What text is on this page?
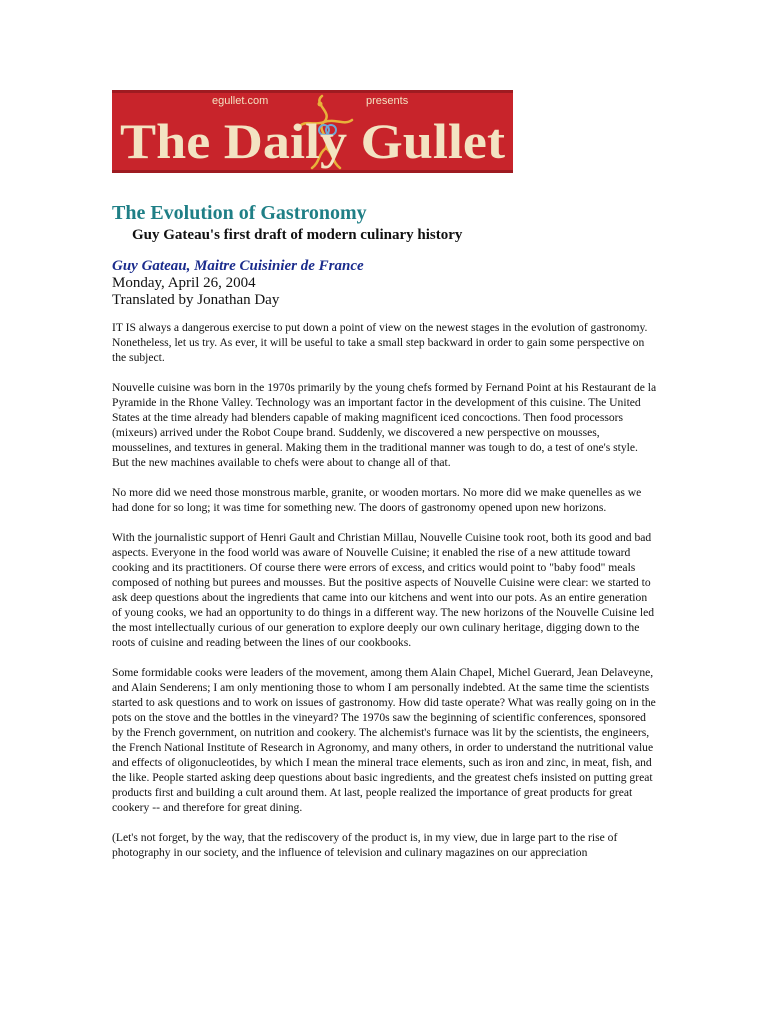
egullet.com	presents
The Daily Gullet
The Evolution of Gastronomy
Guy Gateau's first draft of modern culinary history
Guy Gateau, Maitre Cuisinier de France
Monday, April 26, 2004
Translated by Jonathan Day

IT IS always a dangerous exercise to put down a point of view on the newest stages in the evolution of gastronomy. Nonetheless, let us try. As ever, it will be useful to take a small step backward in order to gain some perspective on the subject.

Nouvelle cuisine was born in the 1970s primarily by the young chefs formed by Fernand Point at his Restaurant de la Pyramide in the Rhone Valley. Technology was an important factor in the development of this cuisine. The United States at the time already had blenders capable of making magnificent iced concoctions. Then food processors (mixeurs) arrived under the Robot Coupe brand. Suddenly, we discovered a new perspective on mousses, mousselines, and textures in general. Making them in the traditional manner was tough to do, a test of one's style. But the new machines available to chefs were about to change all of that.

No more did we need those monstrous marble, granite, or wooden mortars. No more did we make quenelles as we had done for so long; it was time for something new. The doors of gastronomy opened upon new horizons.

With the journalistic support of Henri Gault and Christian Millau, Nouvelle Cuisine took root, both its good and bad aspects. Everyone in the food world was aware of Nouvelle Cuisine; it enabled the rise of a new attitude toward cooking and its practitioners. Of course there were errors of excess, and critics would point to "baby food" meals composed of nothing but purees and mousses. But the positive aspects of Nouvelle Cuisine were clear: we started to ask deep questions about the ingredients that came into our kitchens and went into our pots. As an entire generation of young cooks, we had an opportunity to do things in a different way. The new horizons of the Nouvelle Cuisine led the most intellectually curious of our generation to explore deeply our own culinary heritage, digging down to the roots of cuisine and reading between the lines of our cookbooks.

Some formidable cooks were leaders of the movement, among them Alain Chapel, Michel Guerard, Jean Delaveyne, and Alain Senderens; I am only mentioning those to whom I am personally indebted. At the same time the scientists started to ask questions and to work on issues of gastronomy. How did taste operate? What was really going on in the pots on the stove and the bottles in the vineyard? The 1970s saw the beginning of scientific conferences, sponsored by the French government, on nutrition and cookery. The alchemist's furnace was lit by the scientists, the engineers, the French National Institute of Research in Agronomy, and many others, in order to understand the nutritional value and effects of oligonucleotides, by which I mean the mineral trace elements, such as iron and zinc, in meat, fish, and the like. People started asking deep questions about basic ingredients, and the greatest chefs insisted on putting great products first and building a cult around them. At last, people realized the importance of great products for great cookery -- and therefore for great dining.

(Let's not forget, by the way, that the rediscovery of the product is, in my view, due in large part to the rise of photography in our society, and the influence of television and culinary magazines on our appreciation
